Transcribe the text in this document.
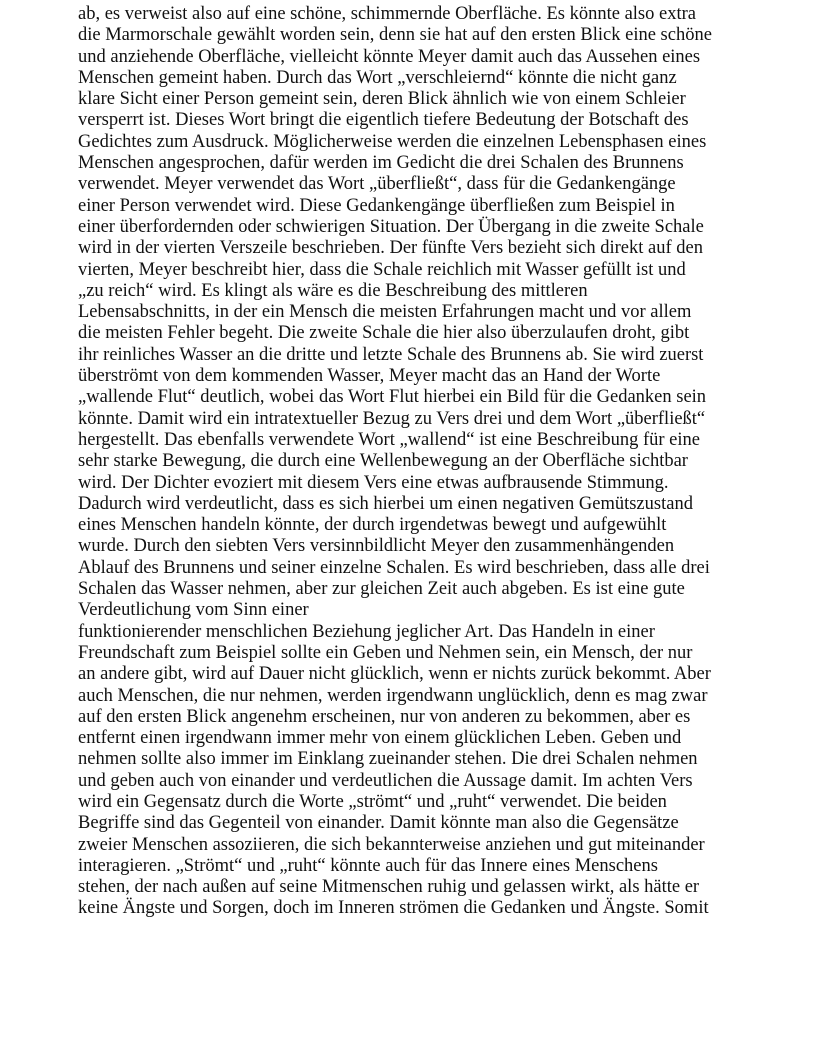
ab, es verweist also auf eine schöne, schimmernde Oberfläche. Es könnte also extra
die Marmorschale gewählt worden sein, denn sie hat auf den ersten Blick eine schöne
und anziehende Oberfläche, vielleicht könnte Meyer damit auch das Aussehen eines
Menschen gemeint haben. Durch das Wort „verschleiernd“ könnte die nicht ganz
klare Sicht einer Person gemeint sein, deren Blick ähnlich wie von einem Schleier
versperrt ist. Dieses Wort bringt die eigentlich tiefere Bedeutung der Botschaft des
Gedichtes zum Ausdruck. Möglicherweise werden die einzelnen Lebensphasen eines
Menschen angesprochen, dafür werden im Gedicht die drei Schalen des Brunnens
verwendet. Meyer verwendet das Wort „überfließt“, dass für die Gedankengänge
einer Person verwendet wird. Diese Gedankengänge überfließen zum Beispiel in
einer überfordernden oder schwierigen Situation. Der Übergang in die zweite Schale
wird in der vierten Verszeile beschrieben. Der fünfte Vers bezieht sich direkt auf den
vierten, Meyer beschreibt hier, dass die Schale reichlich mit Wasser gefüllt ist und
„zu reich“ wird. Es klingt als wäre es die Beschreibung des mittleren
Lebensabschnitts, in der ein Mensch die meisten Erfahrungen macht und vor allem
die meisten Fehler begeht. Die zweite Schale die hier also überzulaufen droht, gibt
ihr reinliches Wasser an die dritte und letzte Schale des Brunnens ab. Sie wird zuerst
überströmt von dem kommenden Wasser, Meyer macht das an Hand der Worte
„wallende Flut“ deutlich, wobei das Wort Flut hierbei ein Bild für die Gedanken sein
könnte. Damit wird ein intratextueller Bezug zu Vers drei und dem Wort „überfließt“
hergestellt. Das ebenfalls verwendete Wort „wallend“ ist eine Beschreibung für eine
sehr starke Bewegung, die durch eine Wellenbewegung an der Oberfläche sichtbar
wird. Der Dichter evoziert mit diesem Vers eine etwas aufbrausende Stimmung.
Dadurch wird verdeutlicht, dass es sich hierbei um einen negativen Gemütszustand
eines Menschen handeln könnte, der durch irgendetwas bewegt und aufgewühlt
wurde. Durch den siebten Vers versinnbildlicht Meyer den zusammenhängenden
Ablauf des Brunnens und seiner einzelne Schalen. Es wird beschrieben, dass alle drei
Schalen das Wasser nehmen, aber zur gleichen Zeit auch abgeben. Es ist eine gute
Verdeutlichung vom Sinn einer
funktionierender menschlichen Beziehung jeglicher Art. Das Handeln in einer
Freundschaft zum Beispiel sollte ein Geben und Nehmen sein, ein Mensch, der nur
an andere gibt, wird auf Dauer nicht glücklich, wenn er nichts zurück bekommt. Aber
auch Menschen, die nur nehmen, werden irgendwann unglücklich, denn es mag zwar
auf den ersten Blick angenehm erscheinen, nur von anderen zu bekommen, aber es
entfernt einen irgendwann immer mehr von einem glücklichen Leben. Geben und
nehmen sollte also immer im Einklang zueinander stehen. Die drei Schalen nehmen
und geben auch von einander und verdeutlichen die Aussage damit. Im achten Vers
wird ein Gegensatz durch die Worte „strömt“ und „ruht“ verwendet. Die beiden
Begriffe sind das Gegenteil von einander. Damit könnte man also die Gegensätze
zweier Menschen assoziieren, die sich bekannterweise anziehen und gut miteinander
interagieren. „Strömt“ und „ruht“ könnte auch für das Innere eines Menschens
stehen, der nach außen auf seine Mitmenschen ruhig und gelassen wirkt, als hätte er
keine Ängste und Sorgen, doch im Inneren strömen die Gedanken und Ängste. Somit
